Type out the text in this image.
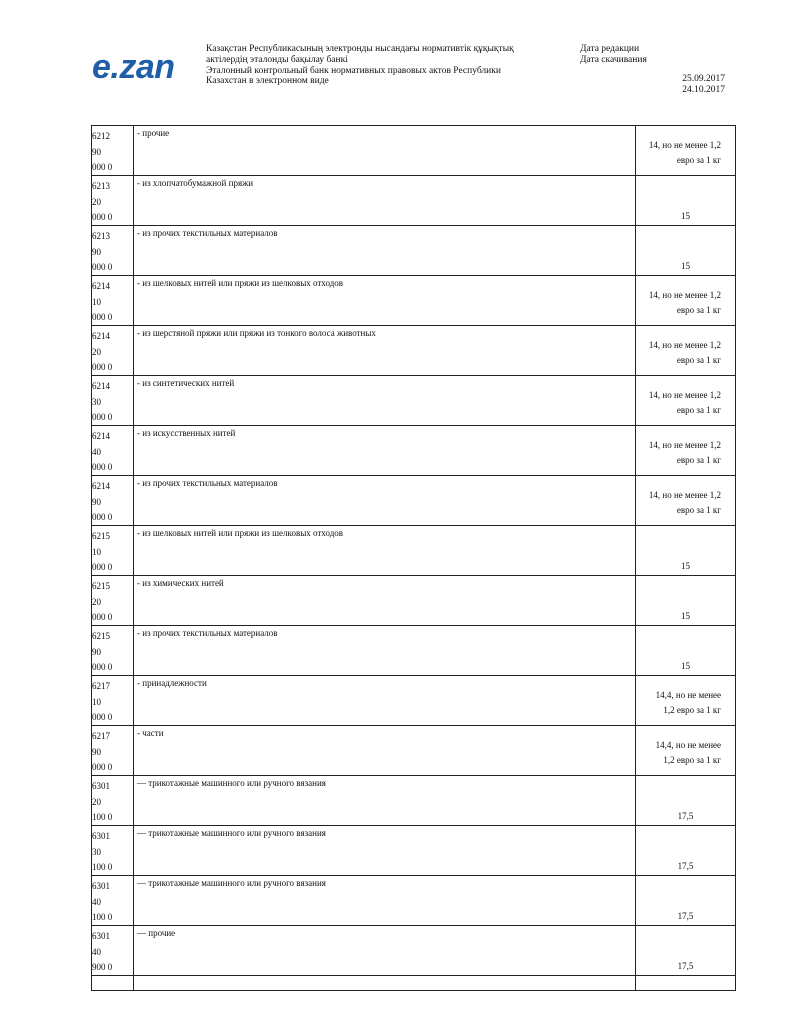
e.zan	Казақстан Республикасының электронды нысандағы нормативтік құқықтық
актілердің эталонды бақылау банкі
Эталонный контрольный банк нормативных правовых актов Республики
Казахстан в электронном виде
Дата редакции
Дата скачивания
25.09.2017
24.10.2017
6212
90
000 0
- прочие
14, но не менее 1,2
евро за 1 кг
6213
20
000 0
- из хлопчатобумажной пряжи
15
6213
90
000 0
- из прочих текстильных материалов
15
6214
10
000 0
- из шелковых нитей или пряжи из шелковых отходов
14, но не менее 1,2
евро за 1 кг
6214
20
000 0
- из шерстяной пряжи или пряжи из тонкого волоса животных
14, но не менее 1,2
евро за 1 кг
6214
30
000 0
- из синтетических нитей
14, но не менее 1,2
евро за 1 кг
6214
40
000 0
- из искусственных нитей
14, но не менее 1,2
евро за 1 кг
6214
90
000 0
- из прочих текстильных материалов
14, но не менее 1,2
евро за 1 кг
6215
10
000 0
- из шелковых нитей или пряжи из шелковых отходов
15
6215
20
000 0
- из химических нитей
15
6215
90
000 0
- из прочих текстильных материалов
15
6217
10
000 0
- принадлежности
14,4, но не менее
1,2 евро за 1 кг
6217
90
000 0
- части
14,4, но не менее
1,2 евро за 1 кг
6301
20
100 0
— трикотажные машинного или ручного вязания
17,5
6301
30
100 0
— трикотажные машинного или ручного вязания
17,5
6301
40
100 0
— трикотажные машинного или ручного вязания
17,5
6301
40
900 0
— прочие
17,5
